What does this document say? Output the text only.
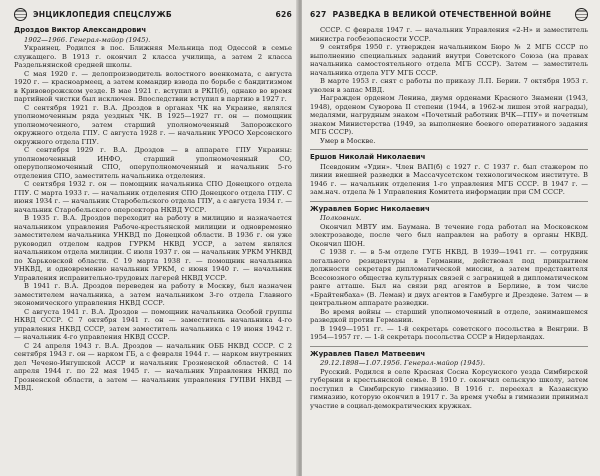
ЭНЦИКЛОПЕДИЯ СПЕЦСЛУЖБ	626

Дроздов Виктор Александрович

1902—1966. Генерал-майор (1945).

Украинец. Родился в пос. Ближняя Мельница под Одессой в семье служащего. В 1913 г. окончил 2 класса училища, а затем 2 класса Раздельнянской средней школы.

С мая 1920 г. — делопроизводитель волостного военкомата, с августа 1920 г. — красноармеец, а затем командир взвода по борьбе с бандитизмом в Кривоворожском уезде. В мае 1921 г. вступил в РКП(б), однако во время партийной чистки был исключен. Впоследствии вступил в партию в 1927 г.

С сентября 1921 г. В.А. Дроздов в органах ЧК на Украине, являлся уполномоченным ряда уездных ЧК. В 1925—1927 гг. он — помощник уполномоченного, затем старший уполномоченный Запорожского окружного отдела ГПУ. С августа 1928 г. — начальник УРОСО Херсонского окружного отдела ГПУ.

С сентября 1929 г. В.А. Дроздов — в аппарате ГПУ Украины: уполномоченный ИНФО, старший уполномоченный СО, оперуполномоченный СПО, оперуполномоченный и начальник 5-го отделения СПО, заместитель начальника отделения.

С сентября 1932 г. он — помощник начальника СПО Донецкого отдела ГПУ. С марта 1933 г. — начальник отделения СПО Донецкого отдела ГПУ. С июня 1934 г. — начальник Старобельского отдела ГПУ, а с августа 1934 г. — начальник Старобельского оперсектора НКВД УССР.

В 1935 г. В.А. Дроздов переходит на работу в милицию и назначается начальником управления Рабоче-крестьянской милиции и одновременно заместителем начальника УНКВД по Донецкой области. В 1936 г. он уже руководил отделом кадров ГУРКМ НКВД УССР, а затем являлся начальником отдела милиции. С июля 1937 г. он — начальник УРКМ УНКВД по Харьковской области. С 19 марта 1938 г. — помощник начальника УНКВД, и одновременно начальник УРКМ, с июня 1940 г. — начальник Управления исправительно-трудовых лагерей НКВД УССР.

В 1941 г. В.А. Дроздов переведен на работу в Москву, был назначен заместителем начальника, а затем начальником 3-го отдела Главного экономического управления НКВД СССР.

С августа 1941 г. В.А. Дроздов — помощник начальника Особой группы НКВД СССР. С 7 октября 1941 г. он — заместитель начальника 4-го управления НКВД СССР, затем заместитель начальника с 19 июня 1942 г. — начальник 4-го управления НКВД СССР.

С 24 апреля 1943 г. В.А. Дроздов — начальник ОББ НКВД СССР. С 2 сентября 1943 г. он — нарком ГБ, а с февраля 1944 г. — нарком внутренних дел Чечено-Ингушской АССР и начальник Грозненской областей. С 14 апреля 1944 г. по 22 мая 1945 г. — начальник Управления НКВД по Грозненской области, а затем — начальник управления ГУПВИ НКВД — МВД.

627 РАЗВЕДКА В ВЕЛИКОЙ ОТЕЧЕСТВЕННОЙ ВОЙНЕ

СССР. С февраля 1947 г. — начальник Управления «2-Н» и заместитель министра госбезопасности УССР.

9 сентября 1950 г. утвержден начальником Бюро № 2 МГБ СССР по выполнению специальных заданий внутри Советского Союза (на правах начальника самостоятельного отдела МГБ СССР). Затем — заместитель начальника отдела УГУ МГБ СССР.

В марте 1953 г. снят с работы по приказу Л.П. Берии. 7 октября 1953 г. уволен в запас МВД.

Награжден орденом Ленина, двумя орденами Красного Знамени (1943, 1948), орденом Суворова II степени (1944, в 1962-м лишен этой награды), медалями, нагрудным знаком «Почетный работник ВЧК—ГПУ» и почетным знаком Министерства (1949, за выполнение боевого оперативного задания МГБ СССР).

Умер в Москве.

Ершов Николай Николаевич

Псевдоним «Удин». Член ВАП(б) с 1927 г. С 1937 г. был стажером по линии внешней разведки в Массачусетском технологическом институте. В 1946 г. — начальник отделения 1-го управления МГБ СССР. В 1947 г. — зам.нач. отдела № 1 Управления Комитета информации при СМ СССР.

Журавлев Борис Николаевич

Полковник.

Окончил МВТУ им. Баумана. В течение года работал на Московском электрозаводе, после чего был направлен на работу в органы НКВД. Окончил ШОН.

С 1938 г. — в 5-м отделе ГУГБ НКВД. В 1939—1941 гг. — сотрудник легального резидентуры в Германии, действовал под прикрытием должности секретаря дипломатической миссии, а затем представителя Всесоюзного общества культурных связей с заграницей в дипломатическом ранге атташе. Был на связи ряд агентов в Берлине, в том числе «Брайтенбаха» (В. Леман) и двух агентов в Гамбурге и Дрездене. Затем — в центральном аппарате разведки.

Во время войны — старший уполномоченный в отделе, занимавшемся разведкой против Германии.

В 1949—1951 гг. — 1-й секретарь советского посольства в Венгрии. В 1954—1957 гг. — 1-й секретарь посольства СССР в Нидерландах.

Журавлев Павел Матвеевич

29.12.1898—1.07.1956. Генерал-майор (1945).

Русский. Родился в селе Красная Сосна Корсунского уезда Симбирской губернии в крестьянской семье. В 1910 г. окончил сельскую школу, затем поступил в Симбирскую гимназию. В 1916 г. переехал в Казанскую гимназию, которую окончил в 1917 г. За время учебы в гимназии принимал участие в социал-демократических кружках.
